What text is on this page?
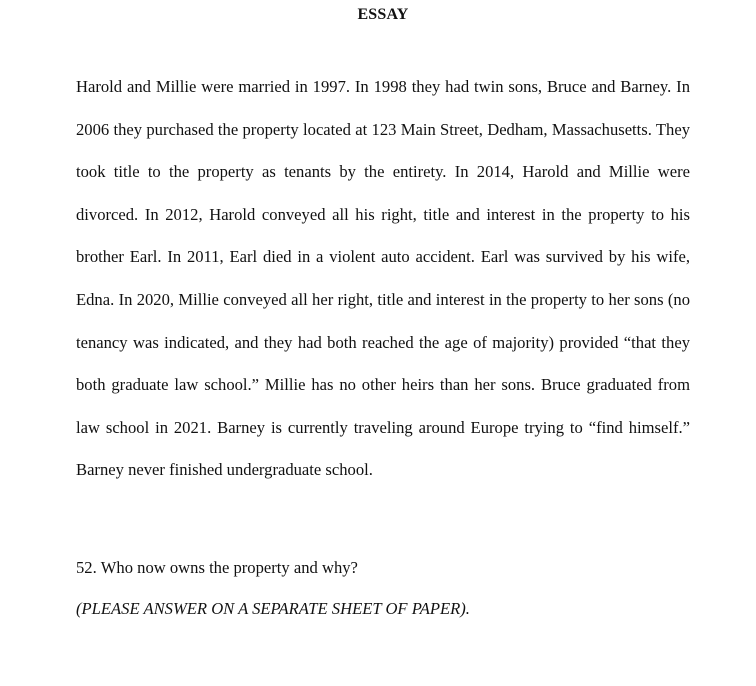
ESSAY

Harold and Millie were married in 1997. In 1998 they had twin sons, Bruce and Barney. In 2006 they purchased the property located at 123 Main Street, Dedham, Massachusetts. They took title to the property as tenants by the entirety. In 2014, Harold and Millie were divorced. In 2012, Harold conveyed all his right, title and interest in the property to his brother Earl. In 2011, Earl died in a violent auto accident. Earl was survived by his wife, Edna. In 2020, Millie conveyed all her right, title and interest in the property to her sons (no tenancy was indicated, and they had both reached the age of majority) provided “that they both graduate law school.” Millie has no other heirs than her sons. Bruce graduated from law school in 2021. Barney is currently traveling around Europe trying to “find himself.” Barney never finished undergraduate school.

52. Who now owns the property and why?
(PLEASE ANSWER ON A SEPARATE SHEET OF PAPER).
